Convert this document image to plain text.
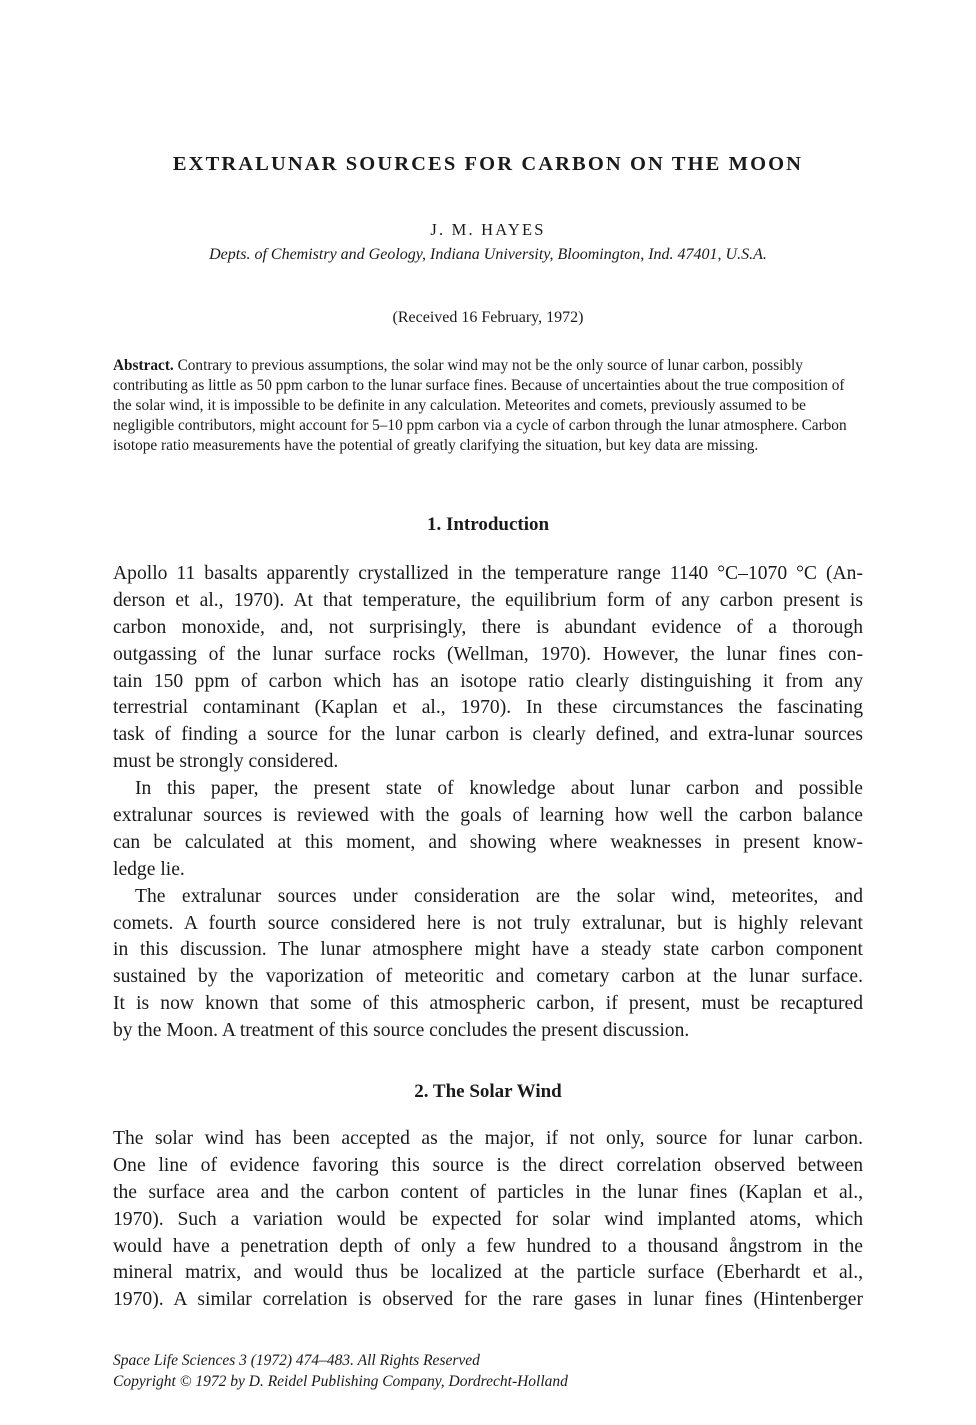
EXTRALUNAR SOURCES FOR CARBON ON THE MOON
J. M. HAYES
Depts. of Chemistry and Geology, Indiana University, Bloomington, Ind. 47401, U.S.A.
(Received 16 February, 1972)
Abstract. Contrary to previous assumptions, the solar wind may not be the only source of lunar carbon, possibly contributing as little as 50 ppm carbon to the lunar surface fines. Because of uncertainties about the true composition of the solar wind, it is impossible to be definite in any calculation. Meteorites and comets, previously assumed to be negligible contributors, might account for 5–10 ppm carbon via a cycle of carbon through the lunar atmosphere. Carbon isotope ratio measurements have the potential of greatly clarifying the situation, but key data are missing.
1. Introduction
Apollo 11 basalts apparently crystallized in the temperature range 1140 °C–1070 °C (An-
derson et al., 1970). At that temperature, the equilibrium form of any carbon present is
carbon monoxide, and, not surprisingly, there is abundant evidence of a thorough
outgassing of the lunar surface rocks (Wellman, 1970). However, the lunar fines con-
tain 150 ppm of carbon which has an isotope ratio clearly distinguishing it from any
terrestrial contaminant (Kaplan et al., 1970). In these circumstances the fascinating
task of finding a source for the lunar carbon is clearly defined, and extra-lunar sources
must be strongly considered.
In this paper, the present state of knowledge about lunar carbon and possible
extralunar sources is reviewed with the goals of learning how well the carbon balance
can be calculated at this moment, and showing where weaknesses in present know-
ledge lie.
The extralunar sources under consideration are the solar wind, meteorites, and
comets. A fourth source considered here is not truly extralunar, but is highly relevant
in this discussion. The lunar atmosphere might have a steady state carbon component
sustained by the vaporization of meteoritic and cometary carbon at the lunar surface.
It is now known that some of this atmospheric carbon, if present, must be recaptured
by the Moon. A treatment of this source concludes the present discussion.
2. The Solar Wind
The solar wind has been accepted as the major, if not only, source for lunar carbon.
One line of evidence favoring this source is the direct correlation observed between
the surface area and the carbon content of particles in the lunar fines (Kaplan et al.,
1970). Such a variation would be expected for solar wind implanted atoms, which
would have a penetration depth of only a few hundred to a thousand ångstrom in the
mineral matrix, and would thus be localized at the particle surface (Eberhardt et al.,
1970). A similar correlation is observed for the rare gases in lunar fines (Hintenberger
Space Life Sciences 3 (1972) 474–483. All Rights Reserved
Copyright © 1972 by D. Reidel Publishing Company, Dordrecht-Holland
